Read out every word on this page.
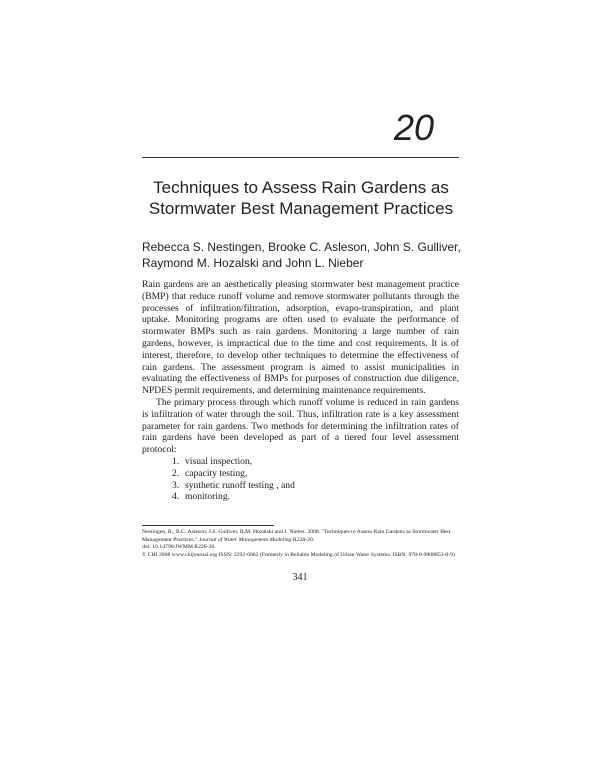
20
Techniques to Assess Rain Gardens as
Stormwater Best Management Practices
Rebecca S. Nestingen, Brooke C. Asleson, John S. Gulliver,
Raymond M. Hozalski and John L. Nieber

Rain gardens are an aesthetically pleasing stormwater best management practice (BMP) that reduce runoff volume and remove stormwater pollutants through the processes of infiltration/filtration, adsorption, evapo-transpiration, and plant uptake. Monitoring programs are often used to evaluate the performance of stormwater BMPs such as rain gardens. Monitoring a large number of rain gardens, however, is impractical due to the time and cost requirements. It is of interest, therefore, to develop other techniques to determine the effectiveness of rain gardens. The assessment program is aimed to assist municipalities in evaluating the effectiveness of BMPs for purposes of construction due diligence, NPDES permit requirements, and determining maintenance requirements.

The primary process through which runoff volume is reduced in rain gardens is infiltration of water through the soil. Thus, infiltration rate is a key assessment parameter for rain gardens. Two methods for determining the infiltration rates of rain gardens have been developed as part of a tiered four level assessment protocol:

1. visual inspection,
2. capacity testing,
3. synthetic runoff testing , and
4. monitoring.
Nestingen, R., B.C. Asleson, J.S. Gulliver, R.M. Hozalski and J. Nieber. 2008. "Techniques to Assess Rain Gardens as Stormwater Best Management Practices." Journal of Water Management Modeling R228-20.
doi: 10.14796/JWMM.R228-20.
© CHI 2008 www.chijournal.org ISSN: 2292-6062 (Formerly in Reliable Modeling of Urban Water Systems. ISBN: 978-0-9808853-0-9)
341
